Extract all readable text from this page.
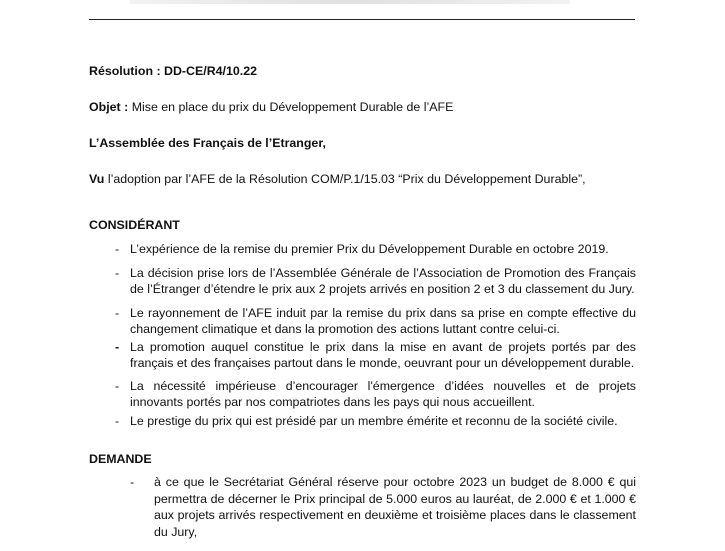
Résolution : DD-CE/R4/10.22
Objet : Mise en place du prix du Développement Durable de l’AFE
L’Assemblée des Français de l’Etranger,
Vu l’adoption par l’AFE de la Résolution COM/P.1/15.03 “Prix du Développement Durable”,
CONSIDÉRANT
- L’expérience de la remise du premier Prix du Développement Durable en octobre 2019.
- La décision prise lors de l’Assemblée Générale de l’Association de Promotion des Français de l’Étranger d’étendre le prix aux 2 projets arrivés en position 2 et 3 du classement du Jury.
- Le rayonnement de l’AFE induit par la remise du prix dans sa prise en compte effective du changement climatique et dans la promotion des actions luttant contre celui-ci.
- La promotion auquel constitue le prix dans la mise en avant de projets portés par des français et des françaises partout dans le monde, oeuvrant pour un développement durable.
- La nécessité impérieuse d’encourager l'émergence d’idées nouvelles et de projets innovants portés par nos compatriotes dans les pays qui nous accueillent.
- Le prestige du prix qui est présidé par un membre émérite et reconnu de la société civile.
DEMANDE
- à ce que le Secrétariat Général réserve pour octobre 2023 un budget de 8.000 € qui permettra de décerner le Prix principal de 5.000 euros au lauréat, de 2.000 € et 1.000 € aux projets arrivés respectivement en deuxième et troisième places dans le classement du Jury,
